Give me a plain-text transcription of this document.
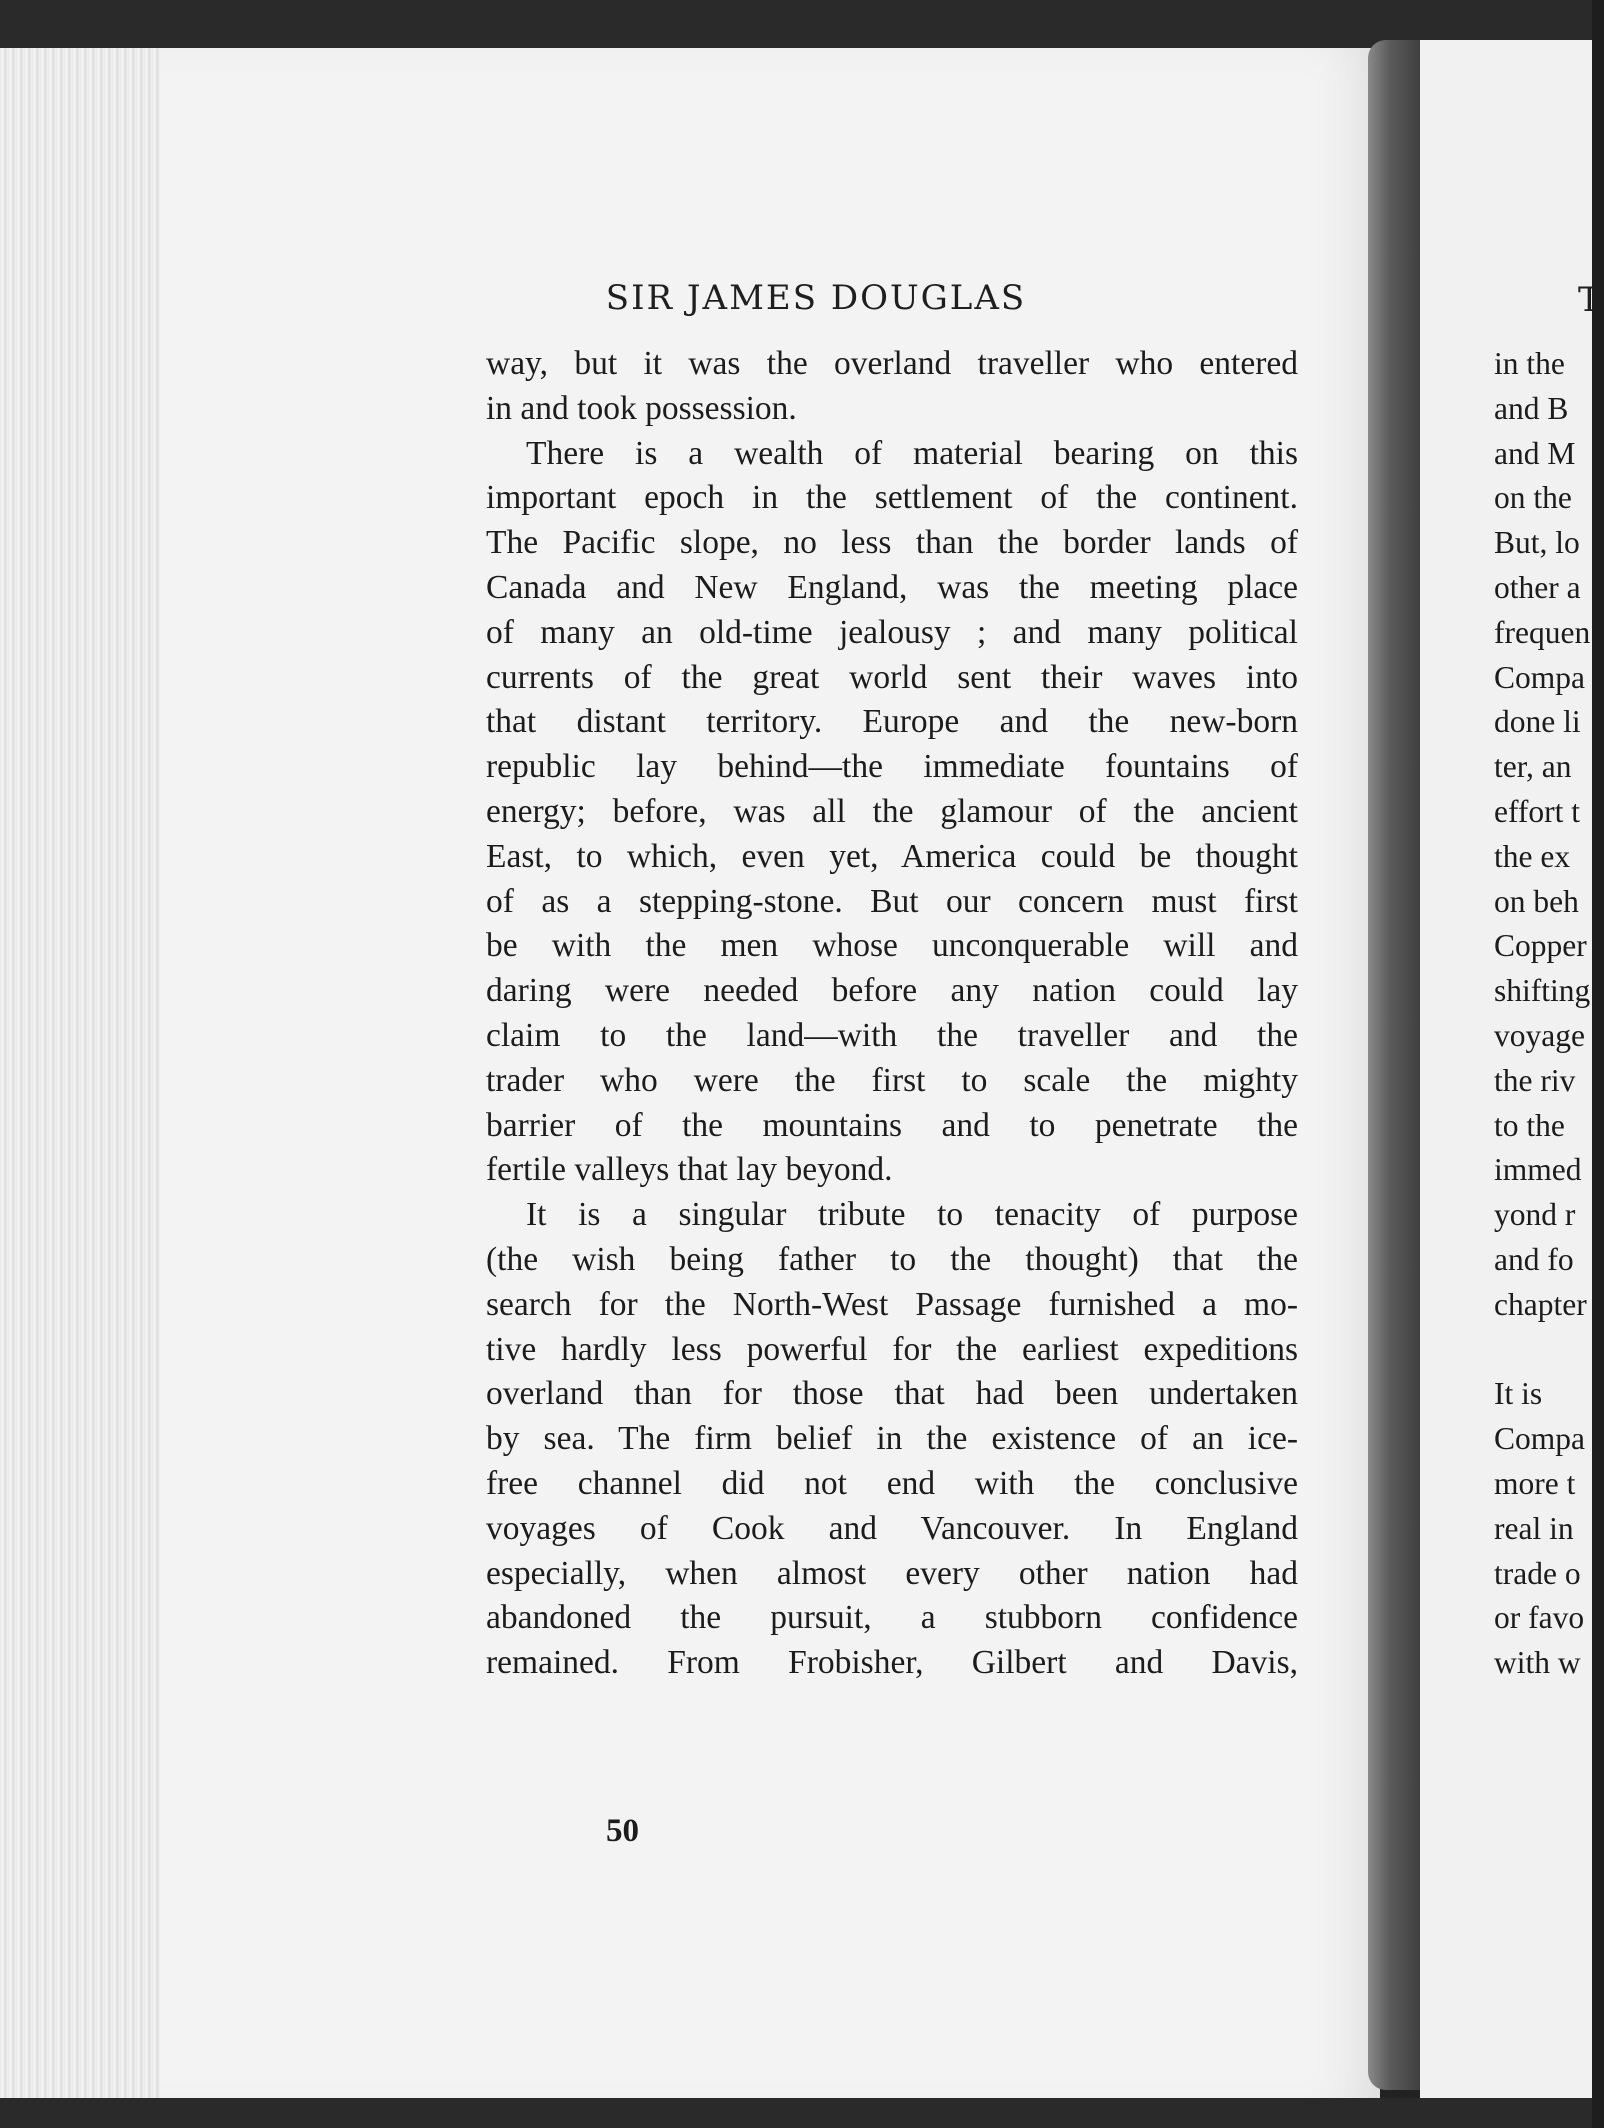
SIR JAMES DOUGLAS
way, but it was the overland traveller who entered
in and took possession.
There is a wealth of material bearing on this
important epoch in the settlement of the continent.
The Pacific slope, no less than the border lands of
Canada and New England, was the meeting place
of many an old-time jealousy ; and many political
currents of the great world sent their waves into
that distant territory. Europe and the new-born
republic lay behind—the immediate fountains of
energy; before, was all the glamour of the ancient
East, to which, even yet, America could be thought
of as a stepping-stone. But our concern must first
be with the men whose unconquerable will and
daring were needed before any nation could lay
claim to the land—with the traveller and the
trader who were the first to scale the mighty
barrier of the mountains and to penetrate the
fertile valleys that lay beyond.
It is a singular tribute to tenacity of purpose
(the wish being father to the thought) that the
search for the North-West Passage furnished a mo-
tive hardly less powerful for the earliest expeditions
overland than for those that had been undertaken
by sea. The firm belief in the existence of an ice-
free channel did not end with the conclusive
voyages of Cook and Vancouver. In England
especially, when almost every other nation had
abandoned the pursuit, a stubborn confidence
remained. From Frobisher, Gilbert and Davis,
50
T
in the
and B
and M
on the
But, lo
other a
frequen
Compa
done li
ter, an
effort t
the ex
on beh
Copper
shifting
voyage
the riv
to the
immed
yond r
and fo
chapter
It is
Compa
more t
real in
trade o
or favo
with w
